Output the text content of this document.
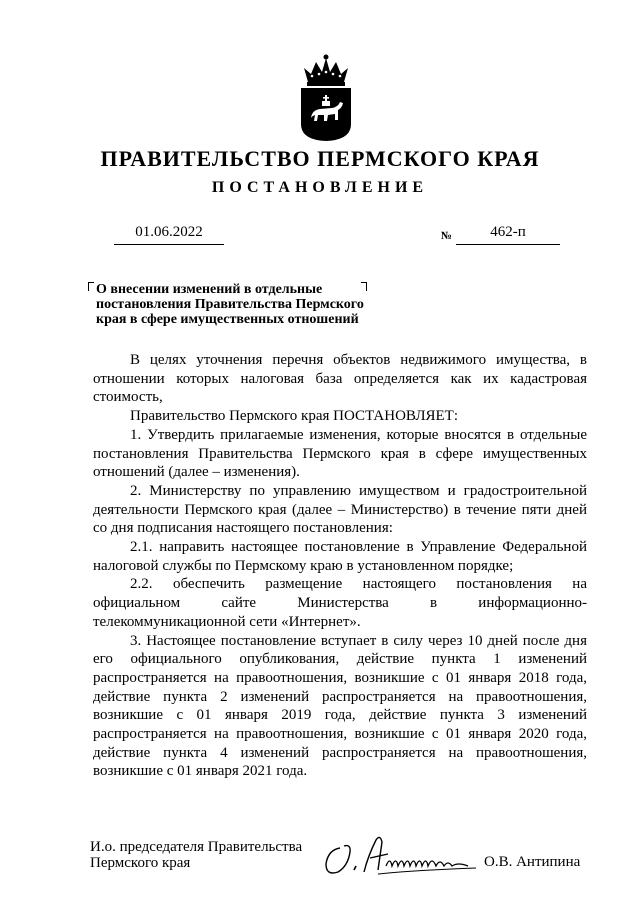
ПРАВИТЕЛЬСТВО ПЕРМСКОГО КРАЯ
ПОСТАНОВЛЕНИЕ
01.06.2022	№	462-п
О внесении изменений в отдельные
постановления Правительства Пермского
края в сфере имущественных отношений

В целях уточнения перечня объектов недвижимого имущества, в отношении которых налоговая база определяется как их кадастровая стоимость,

Правительство Пермского края ПОСТАНОВЛЯЕТ:

1. Утвердить прилагаемые изменения, которые вносятся в отдельные постановления Правительства Пермского края в сфере имущественных отношений (далее – изменения).

2. Министерству по управлению имуществом и градостроительной деятельности Пермского края (далее – Министерство) в течение пяти дней со дня подписания настоящего постановления:

2.1. направить настоящее постановление в Управление Федеральной налоговой службы по Пермскому краю в установленном порядке;

2.2. обеспечить размещение настоящего постановления на официальном сайте Министерства в информационно-телекоммуникационной сети «Интернет».

3. Настоящее постановление вступает в силу через 10 дней после дня его официального опубликования, действие пункта 1 изменений распространяется на правоотношения, возникшие с 01 января 2018 года, действие пункта 2 изменений распространяется на правоотношения, возникшие с 01 января 2019 года, действие пункта 3 изменений распространяется на правоотношения, возникшие с 01 января 2020 года, действие пункта 4 изменений распространяется на правоотношения, возникшие с 01 января 2021 года.

И.о. председателя Правительства
Пермского края	О.В. Антипина
